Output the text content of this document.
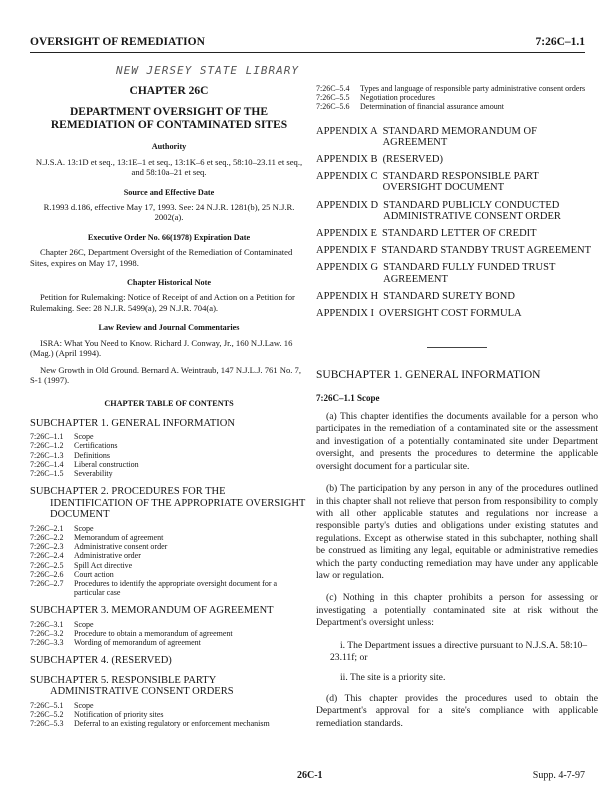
OVERSIGHT OF REMEDIATION	7:26C–1.1
NEW JERSEY STATE LIBRARY
CHAPTER 26C
DEPARTMENT OVERSIGHT OF THE REMEDIATION OF CONTAMINATED SITES
Authority

N.J.S.A. 13:1D et seq., 13:1E–1 et seq., 13:1K–6 et seq., 58:10–23.11 et seq., and 58:10a–21 et seq.

Source and Effective Date

R.1993 d.186, effective May 17, 1993. See: 24 N.J.R. 1281(b), 25 N.J.R. 2002(a).

Executive Order No. 66(1978) Expiration Date

Chapter 26C, Department Oversight of the Remediation of Contaminated Sites, expires on May 17, 1998.

Chapter Historical Note

Petition for Rulemaking: Notice of Receipt of and Action on a Petition for Rulemaking. See: 28 N.J.R. 5499(a), 29 N.J.R. 704(a).

Law Review and Journal Commentaries

ISRA: What You Need to Know. Richard J. Conway, Jr., 160 N.J.Law. 16 (Mag.) (April 1994).

New Growth in Old Ground. Bernard A. Weintraub, 147 N.J.L.J. 761 No. 7, S-1 (1997).

CHAPTER TABLE OF CONTENTS
SUBCHAPTER 1. GENERAL INFORMATION
7:26C–1.1	Scope
7:26C–1.2	Certifications
7:26C–1.3	Definitions
7:26C–1.4	Liberal construction
7:26C–1.5	Severability
SUBCHAPTER 2. PROCEDURES FOR THE
IDENTIFICATION OF THE APPROPRIATE OVERSIGHT DOCUMENT
7:26C–2.1	Scope
7:26C–2.2	Memorandum of agreement
7:26C–2.3	Administrative consent order
7:26C–2.4	Administrative order
7:26C–2.5	Spill Act directive
7:26C–2.6	Court action
7:26C–2.7	Procedures to identify the appropriate oversight document for a particular case
SUBCHAPTER 3. MEMORANDUM OF AGREEMENT
7:26C–3.1	Scope
7:26C–3.2	Procedure to obtain a memorandum of agreement
7:26C–3.3	Wording of memorandum of agreement
SUBCHAPTER 4. (RESERVED)
SUBCHAPTER 5. RESPONSIBLE PARTY
ADMINISTRATIVE CONSENT ORDERS
7:26C–5.1	Scope
7:26C–5.2	Notification of priority sites
7:26C–5.3	Deferral to an existing regulatory or enforcement mechanism
7:26C–5.4	Types and language of responsible party administrative consent orders
7:26C–5.5	Negotiation procedures
7:26C–5.6	Determination of financial assurance amount
APPENDIX A STANDARD MEMORANDUM OF AGREEMENT
APPENDIX B (RESERVED)
APPENDIX C STANDARD RESPONSIBLE PART OVERSIGHT DOCUMENT
APPENDIX D STANDARD PUBLICLY CONDUCTED ADMINISTRATIVE CONSENT ORDER
APPENDIX E STANDARD LETTER OF CREDIT
APPENDIX F STANDARD STANDBY TRUST AGREEMENT
APPENDIX G STANDARD FULLY FUNDED TRUST AGREEMENT
APPENDIX H STANDARD SURETY BOND
APPENDIX I OVERSIGHT COST FORMULA
SUBCHAPTER 1. GENERAL INFORMATION
7:26C–1.1 Scope
(a) This chapter identifies the documents available for a person who participates in the remediation of a contaminated site or the assessment and investigation of a potentially contaminated site under Department oversight, and presents the procedures to determine the applicable oversight document for a particular site.
(b) The participation by any person in any of the procedures outlined in this chapter shall not relieve that person from responsibility to comply with all other applicable statutes and regulations nor increase a responsible party's duties and obligations under existing statutes and regulations. Except as otherwise stated in this subchapter, nothing shall be construed as limiting any legal, equitable or administrative remedies which the party conducting remediation may have under any applicable law or regulation.
(c) Nothing in this chapter prohibits a person for assessing or investigating a potentially contaminated site at risk without the Department's oversight unless:
i. The Department issues a directive pursuant to N.J.S.A. 58:10–23.11f; or
ii. The site is a priority site.
(d) This chapter provides the procedures used to obtain the Department's approval for a site's compliance with applicable remediation standards.
26C-1	Supp. 4-7-97
